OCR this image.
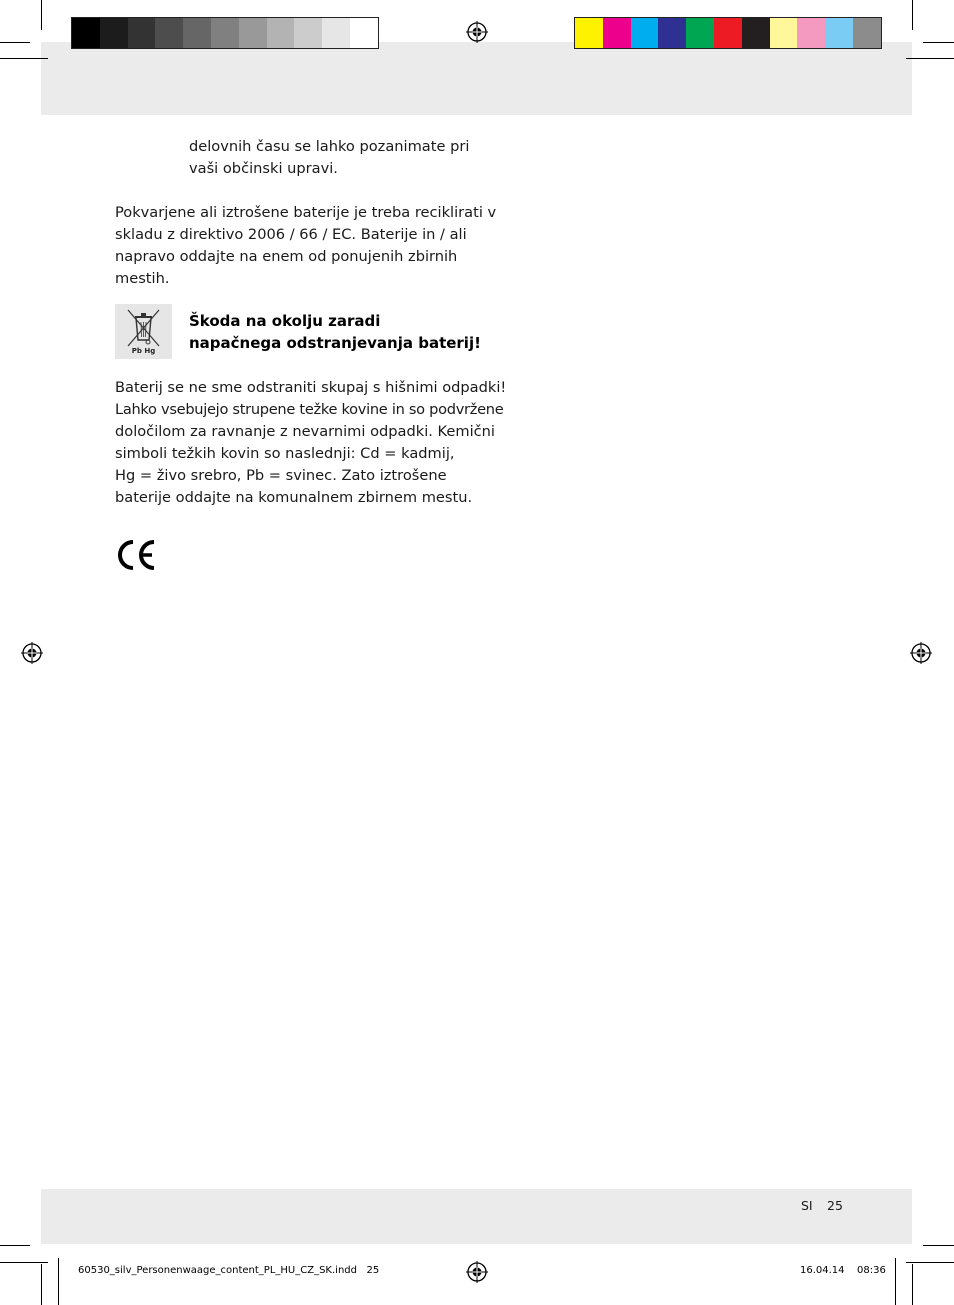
delovnih času se lahko pozanimate pri
vaši občinski upravi.
Pokvarjene ali iztrošene baterije je treba reciklirati v
skladu z direktivo 2006 / 66 / EC. Baterije in / ali
napravo oddajte na enem od ponujenih zbirnih
mestih.
Pb Hg
Škoda na okolju zaradi
napačnega odstranjevanja baterij!
Baterij se ne sme odstraniti skupaj s hišnimi odpadki!
Lahko vsebujejo strupene težke kovine in so podvržene
določilom za ravnanje z nevarnimi odpadki. Kemični
simboli težkih kovin so naslednji: Cd = kadmij,
Hg = živo srebro, Pb = svinec. Zato iztrošene
baterije oddajte na komunalnem zbirnem mestu.
SI 25
60530_silv_Personenwaage_content_PL_HU_CZ_SK.indd   25	16.04.14 08:36
